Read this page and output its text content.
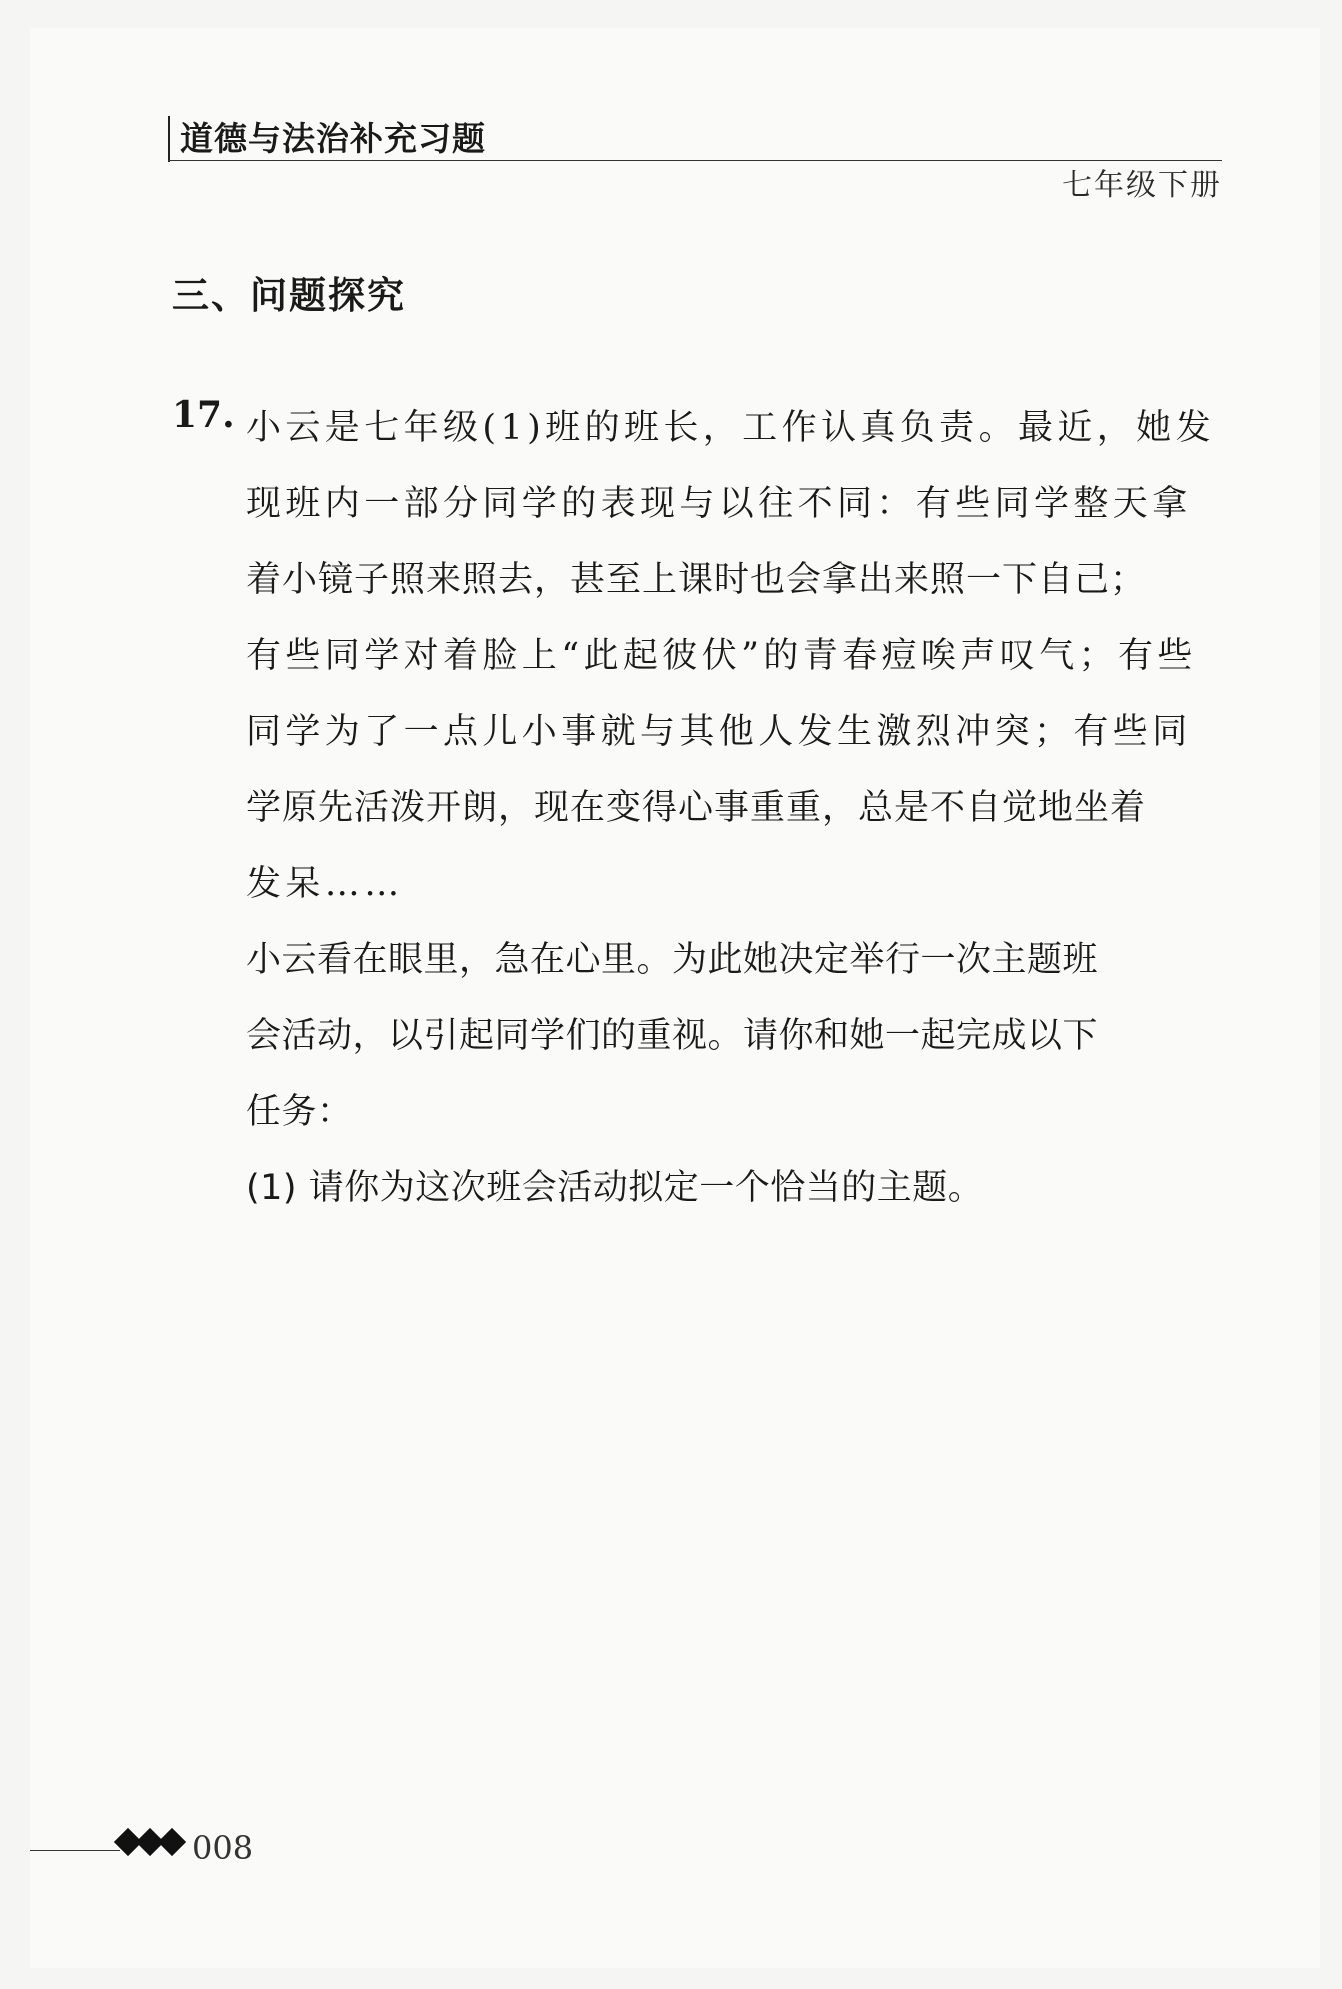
道德与法治补充习题
七年级下册
三、问题探究
17. 小云是七年级(1)班的班长，工作认真负责。最近，她发
现班内一部分同学的表现与以往不同：有些同学整天拿
着小镜子照来照去，甚至上课时也会拿出来照一下自己；
有些同学对着脸上“此起彼伏”的青春痘唉声叹气；有些
同学为了一点儿小事就与其他人发生激烈冲突；有些同
学原先活泼开朗，现在变得心事重重，总是不自觉地坐着
发呆……
小云看在眼里，急在心里。为此她决定举行一次主题班
会活动，以引起同学们的重视。请你和她一起完成以下
任务：
(1) 请你为这次班会活动拟定一个恰当的主题。
008
